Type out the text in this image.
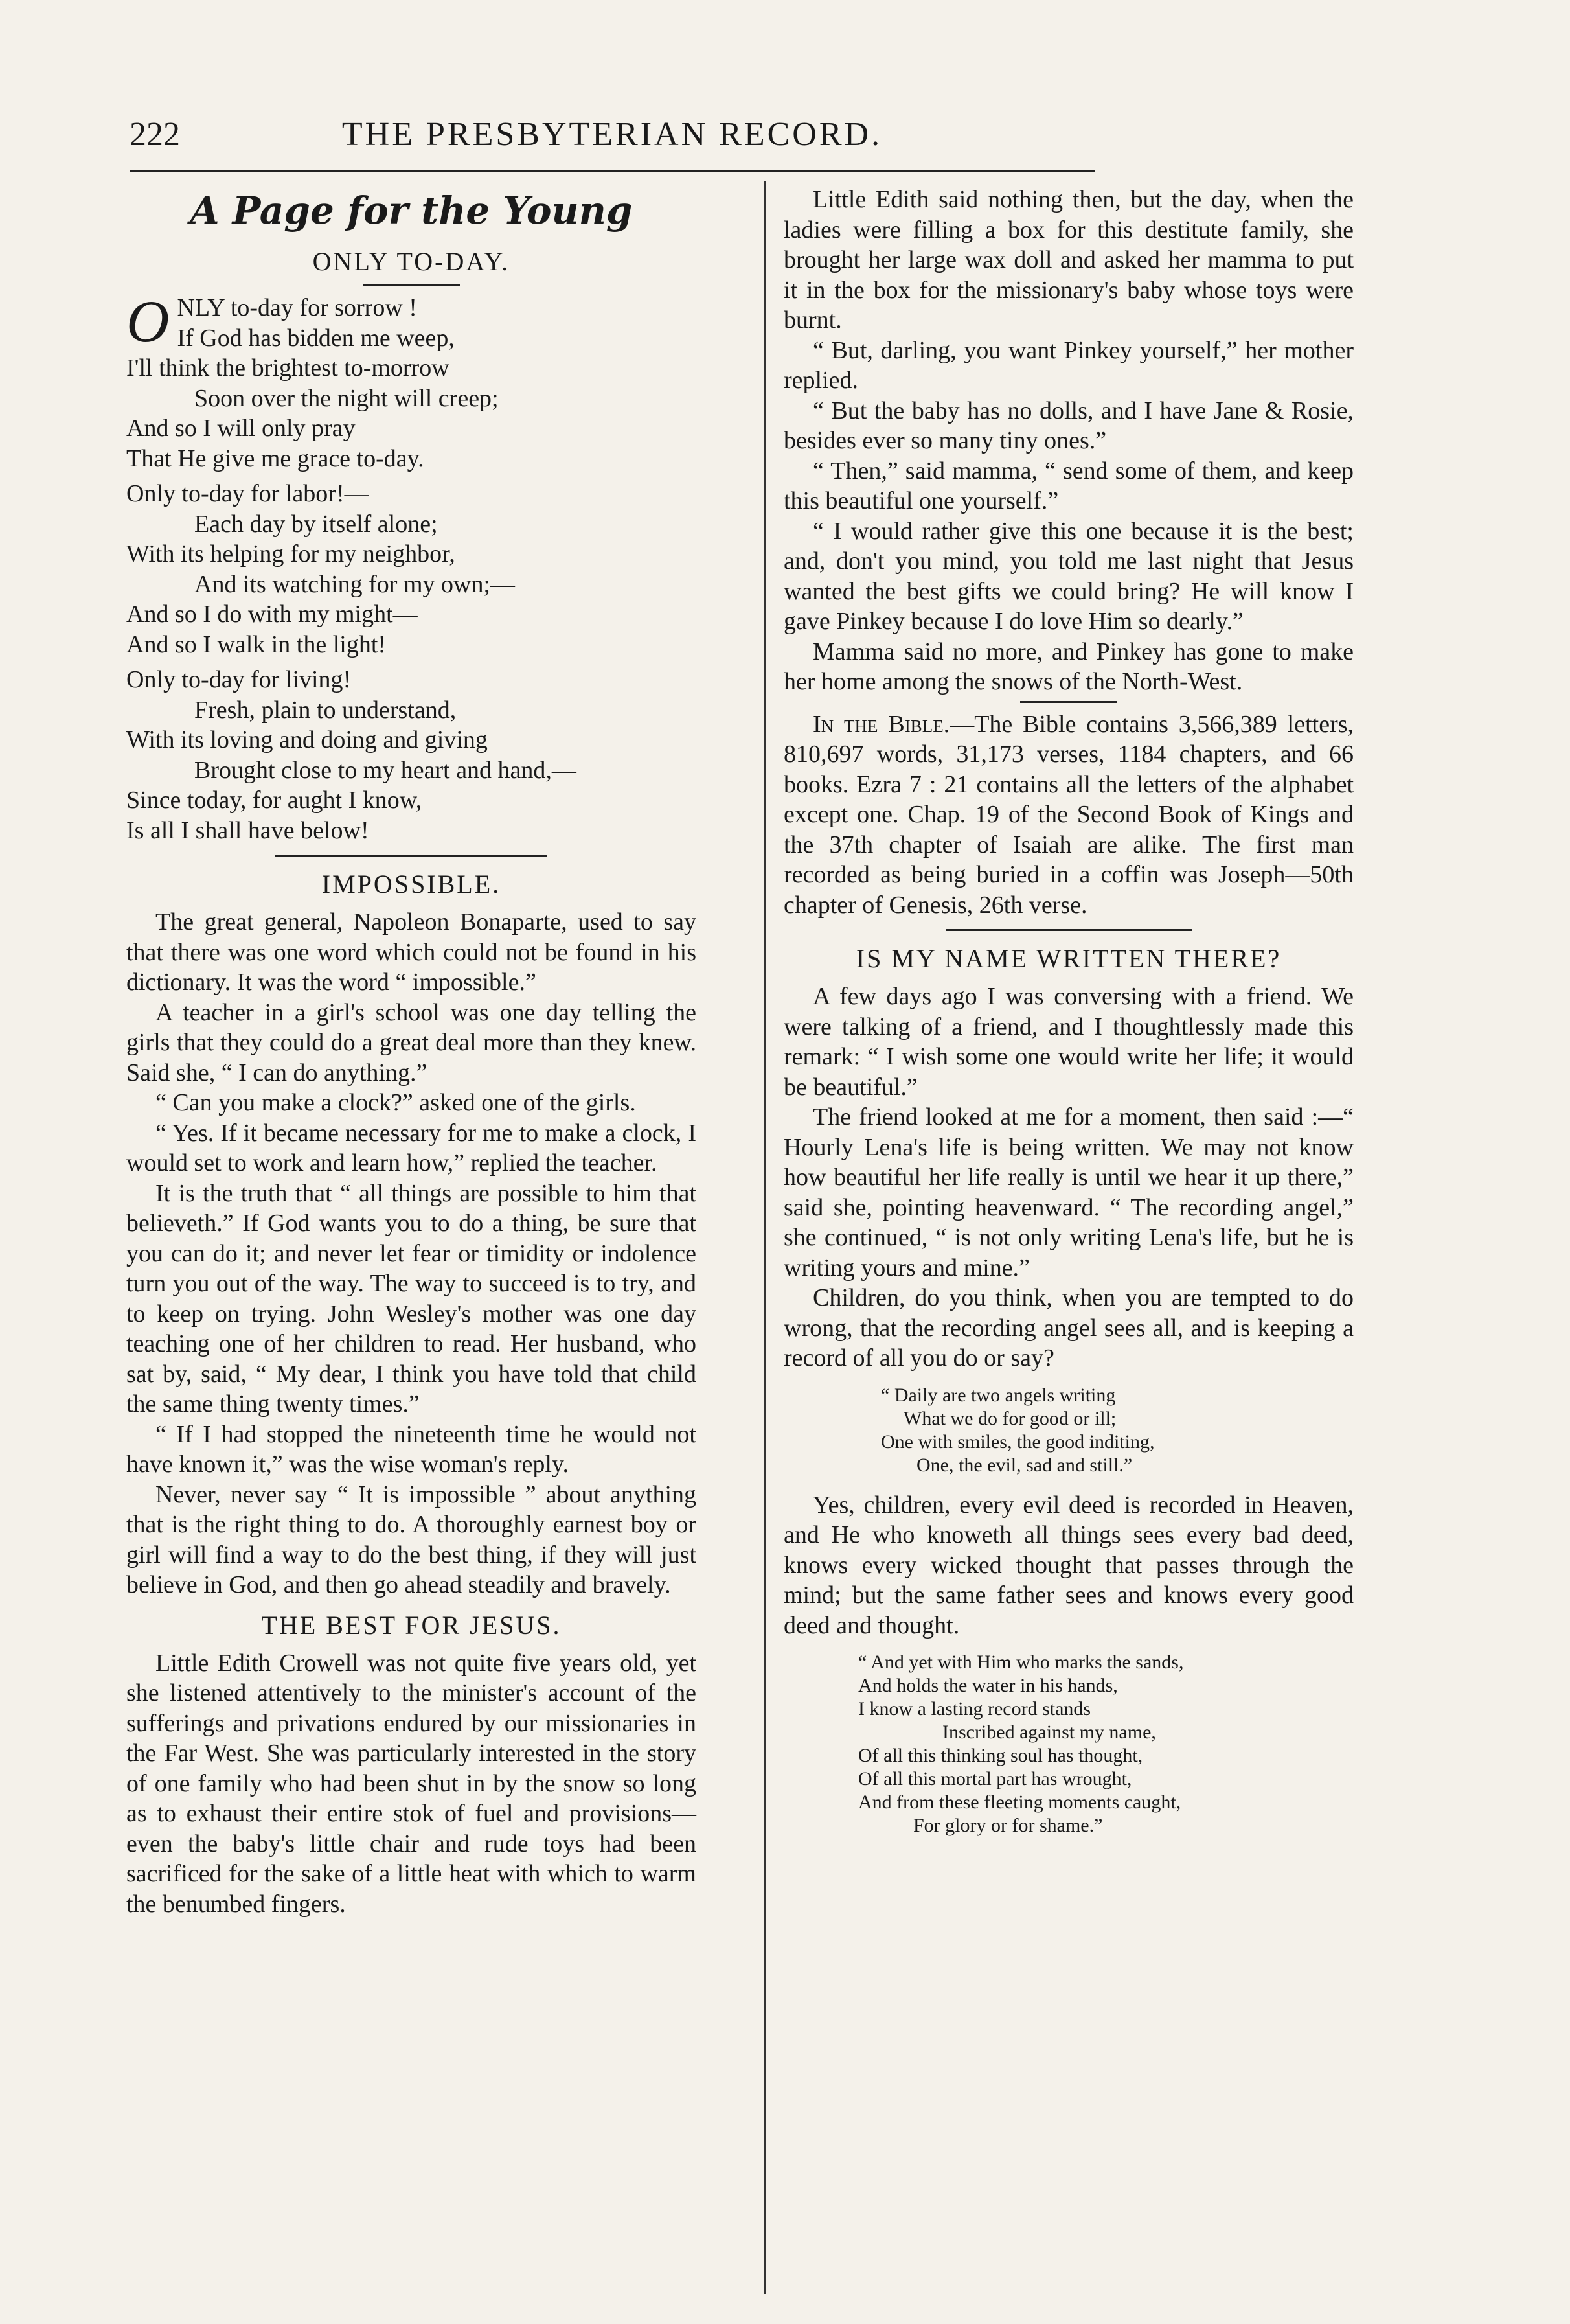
222	THE PRESBYTERIAN RECORD.
A Page for the Young
ONLY TO-DAY.
O NLY to-day for sorrow !
If God has bidden me weep,
I'll think the brightest to-morrow
Soon over the night will creep;
And so I will only pray
That He give me grace to-day.
Only to-day for labor!—
Each day by itself alone;
With its helping for my neighbor,
And its watching for my own;—
And so I do with my might—
And so I walk in the light!
Only to-day for living!
Fresh, plain to understand,
With its loving and doing and giving
Brought close to my heart and hand,—
Since today, for aught I know,
Is all I shall have below!
IMPOSSIBLE.

The great general, Napoleon Bonaparte, used to say that there was one word which could not be found in his dictionary. It was the word “ impossible.”

A teacher in a girl's school was one day telling the girls that they could do a great deal more than they knew. Said she, “ I can do anything.”

“ Can you make a clock?” asked one of the girls.

“ Yes. If it became necessary for me to make a clock, I would set to work and learn how,” replied the teacher.

It is the truth that “ all things are possible to him that believeth.” If God wants you to do a thing, be sure that you can do it; and never let fear or timidity or indolence turn you out of the way. The way to succeed is to try, and to keep on trying. John Wesley's mother was one day teaching one of her children to read. Her husband, who sat by, said, “ My dear, I think you have told that child the same thing twenty times.”

“ If I had stopped the nineteenth time he would not have known it,” was the wise woman's reply.

Never, never say “ It is impossible ” about anything that is the right thing to do. A thoroughly earnest boy or girl will find a way to do the best thing, if they will just believe in God, and then go ahead steadily and bravely.

THE BEST FOR JESUS.

Little Edith Crowell was not quite five years old, yet she listened attentively to the minister's account of the sufferings and privations endured by our missionaries in the Far West. She was particularly interested in the story of one family who had been shut in by the snow so long as to exhaust their entire stok of fuel and provisions—even the baby's little chair and rude toys had been sacrificed for the sake of a little heat with which to warm the benumbed fingers.

Little Edith said nothing then, but the day, when the ladies were filling a box for this destitute family, she brought her large wax doll and asked her mamma to put it in the box for the missionary's baby whose toys were burnt.

“ But, darling, you want Pinkey yourself,” her mother replied.

“ But the baby has no dolls, and I have Jane & Rosie, besides ever so many tiny ones.”

“ Then,” said mamma, “ send some of them, and keep this beautiful one yourself.”

“ I would rather give this one because it is the best; and, don't you mind, you told me last night that Jesus wanted the best gifts we could bring? He will know I gave Pinkey because I do love Him so dearly.”

Mamma said no more, and Pinkey has gone to make her home among the snows of the North-West.

In the Bible.—The Bible contains 3,566,389 letters, 810,697 words, 31,173 verses, 1184 chapters, and 66 books. Ezra 7 : 21 contains all the letters of the alphabet except one. Chap. 19 of the Second Book of Kings and the 37th chapter of Isaiah are alike. The first man recorded as being buried in a coffin was Joseph—50th chapter of Genesis, 26th verse.

IS MY NAME WRITTEN THERE?

A few days ago I was conversing with a friend. We were talking of a friend, and I thoughtlessly made this remark: “ I wish some one would write her life; it would be beautiful.”

The friend looked at me for a moment, then said :—“ Hourly Lena's life is being written. We may not know how beautiful her life really is until we hear it up there,” said she, pointing heavenward. “ The recording angel,” she continued, “ is not only writing Lena's life, but he is writing yours and mine.”

Children, do you think, when you are tempted to do wrong, that the recording angel sees all, and is keeping a record of all you do or say?

“ Daily are two angels writing
What we do for good or ill;
One with smiles, the good inditing,
One, the evil, sad and still.”

Yes, children, every evil deed is recorded in Heaven, and He who knoweth all things sees every bad deed, knows every wicked thought that passes through the mind; but the same father sees and knows every good deed and thought.

“ And yet with Him who marks the sands,
And holds the water in his hands,
I know a lasting record stands
Inscribed against my name,
Of all this thinking soul has thought,
Of all this mortal part has wrought,
And from these fleeting moments caught,
For glory or for shame.”
